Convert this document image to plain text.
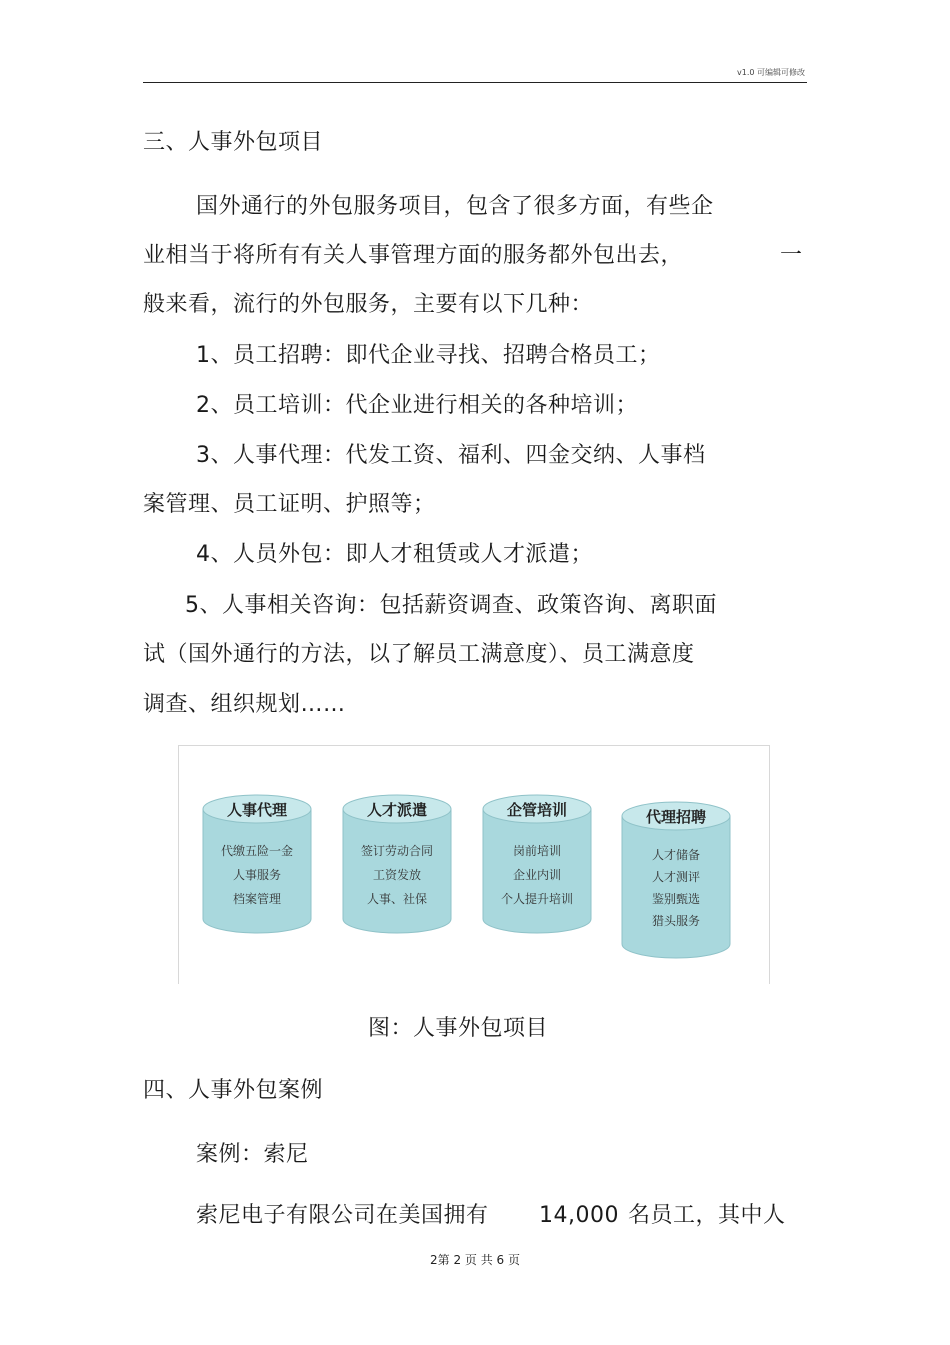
v1.0 可编辑可修改
三、人事外包项目
国外通行的外包服务项目，包含了很多方面，有些企
业相当于将所有有关人事管理方面的服务都外包出去，	一
般来看，流行的外包服务，主要有以下几种：
1、员工招聘：即代企业寻找、招聘合格员工；
2、员工培训：代企业进行相关的各种培训；
3、人事代理：代发工资、福利、四金交纳、人事档
案管理、员工证明、护照等；
4、人员外包：即人才租赁或人才派遣；
5、人事相关咨询：包括薪资调查、政策咨询、离职面
试（国外通行的方法，以了解员工满意度）、员工满意度
调查、组织规划……
人事代理
代缴五险一金
人事服务
档案管理
人才派遣
签订劳动合同
工资发放
人事、社保
企管培训
岗前培训
企业内训
个人提升培训
代理招聘
人才储备
人才测评
鉴别甄选
猎头服务
图：人事外包项目
四、人事外包案例
案例：索尼
索尼电子有限公司在美国拥有 14,000 名员工，其中人
2第 2 页 共 6 页
